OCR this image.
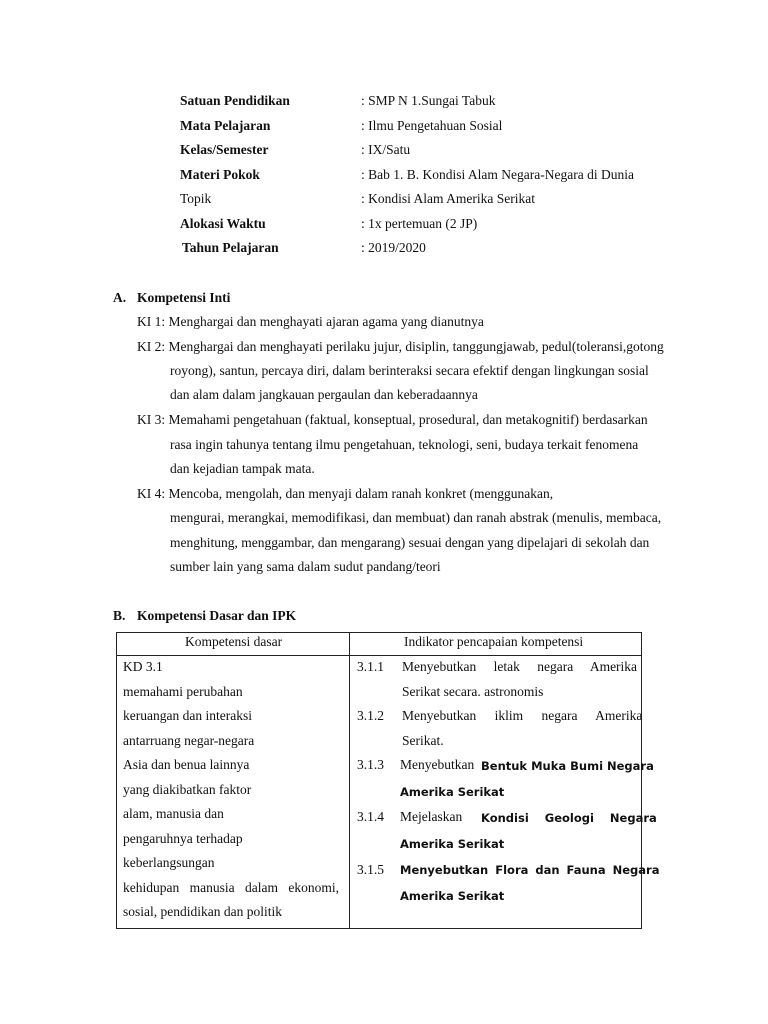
Satuan Pendidikan	: SMP N 1.Sungai Tabuk
Mata Pelajaran	: Ilmu Pengetahuan Sosial
Kelas/Semester	: IX/Satu
Materi Pokok	: Bab 1. B. Kondisi Alam Negara-Negara di Dunia
Topik	: Kondisi Alam Amerika Serikat
Alokasi Waktu	: 1x pertemuan (2 JP)
Tahun Pelajaran	: 2019/2020
A. Kompetensi Inti
KI 1: Menghargai dan menghayati ajaran agama yang dianutnya
KI 2: Menghargai dan menghayati perilaku jujur, disiplin, tanggungjawab, pedul(toleransi,gotong
royong), santun, percaya diri, dalam berinteraksi secara efektif dengan lingkungan sosial
dan alam dalam jangkauan pergaulan dan keberadaannya
KI 3: Memahami pengetahuan (faktual, konseptual, prosedural, dan metakognitif) berdasarkan
rasa ingin tahunya tentang ilmu pengetahuan, teknologi, seni, budaya terkait fenomena
dan kejadian tampak mata.
KI 4: Mencoba, mengolah, dan menyaji dalam ranah konkret (menggunakan,
mengurai, merangkai, memodifikasi, dan membuat) dan ranah abstrak (menulis, membaca,
menghitung, menggambar, dan mengarang) sesuai dengan yang dipelajari di sekolah dan
sumber lain yang sama dalam sudut pandang/teori
B. Kompetensi Dasar dan IPK
Kompetensi dasar	Indikator pencapaian kompetensi
KD 3.1
memahami perubahan
keruangan dan interaksi
antarruang negar-negara
Asia dan benua lainnya
yang diakibatkan faktor
alam, manusia dan
pengaruhnya terhadap
keberlangsungan
kehidupan manusia dalam ekonomi,
sosial, pendidikan dan politik
3.1.1 Menyebutkan letak negara Amerika
Serikat secara. astronomis
3.1.2 Menyebutkan iklim negara Amerika
Serikat.
3.1.3 Menyebutkan Bentuk Muka Bumi Negara
Amerika Serikat
3.1.4 Mejelaskan Kondisi Geologi Negara
Amerika Serikat
3.1.5 Menyebutkan Flora dan Fauna Negara
Amerika Serikat
